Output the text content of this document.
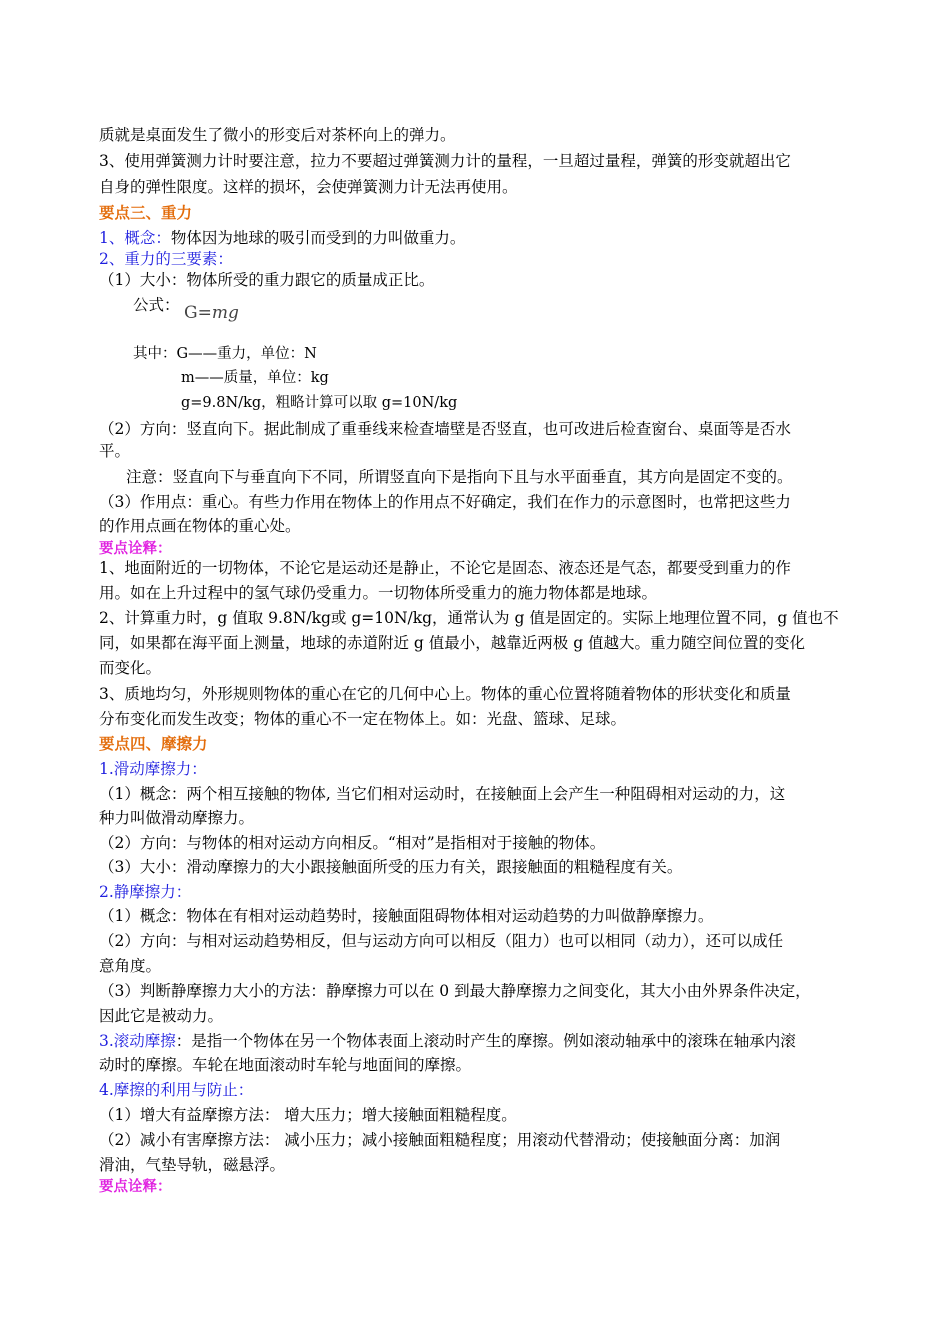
质就是桌面发生了微小的形变后对茶杯向上的弹力。
3、使用弹簧测力计时要注意，拉力不要超过弹簧测力计的量程，一旦超过量程，弹簧的形变就超出它
自身的弹性限度。这样的损坏，会使弹簧测力计无法再使用。
要点三、重力
1、概念：物体因为地球的吸引而受到的力叫做重力。
2、重力的三要素：
（1）大小：物体所受的重力跟它的质量成正比。
公式： G=mg
其中：G——重力，单位：N
m——质量，单位：kg
g=9.8N/kg，粗略计算可以取 g=10N/kg
（2）方向：竖直向下。据此制成了重垂线来检查墙壁是否竖直，也可改进后检查窗台、桌面等是否水
平。
注意：竖直向下与垂直向下不同，所谓竖直向下是指向下且与水平面垂直，其方向是固定不变的。
（3）作用点：重心。有些力作用在物体上的作用点不好确定，我们在作力的示意图时，也常把这些力
的作用点画在物体的重心处。
要点诠释：
1、地面附近的一切物体，不论它是运动还是静止，不论它是固态、液态还是气态，都要受到重力的作
用。如在上升过程中的氢气球仍受重力。一切物体所受重力的施力物体都是地球。
2、计算重力时，g 值取 9.8N/kg或 g=10N/kg，通常认为 g 值是固定的。实际上地理位置不同，g 值也不
同，如果都在海平面上测量，地球的赤道附近 g 值最小，越靠近两极 g 值越大。重力随空间位置的变化
而变化。
3、质地均匀，外形规则物体的重心在它的几何中心上。物体的重心位置将随着物体的形状变化和质量
分布变化而发生改变；物体的重心不一定在物体上。如：光盘、篮球、足球。
要点四、摩擦力
1.滑动摩擦力：
（1）概念：两个相互接触的物体, 当它们相对运动时，在接触面上会产生一种阻碍相对运动的力，这
种力叫做滑动摩擦力。
（2）方向：与物体的相对运动方向相反。“相对”是指相对于接触的物体。
（3）大小：滑动摩擦力的大小跟接触面所受的压力有关，跟接触面的粗糙程度有关。
2.静摩擦力：
（1）概念：物体在有相对运动趋势时，接触面阻碍物体相对运动趋势的力叫做静摩擦力。
（2）方向：与相对运动趋势相反，但与运动方向可以相反（阻力）也可以相同（动力），还可以成任
意角度。
（3）判断静摩擦力大小的方法：静摩擦力可以在 0 到最大静摩擦力之间变化，其大小由外界条件决定，
因此它是被动力。
3.滚动摩擦：是指一个物体在另一个物体表面上滚动时产生的摩擦。例如滚动轴承中的滚珠在轴承内滚
动时的摩擦。车轮在地面滚动时车轮与地面间的摩擦。
4.摩擦的利用与防止：
（1）增大有益摩擦方法： 增大压力；增大接触面粗糙程度。
（2）减小有害摩擦方法： 减小压力；减小接触面粗糙程度；用滚动代替滑动；使接触面分离：加润
滑油，气垫导轨，磁悬浮。
要点诠释：
